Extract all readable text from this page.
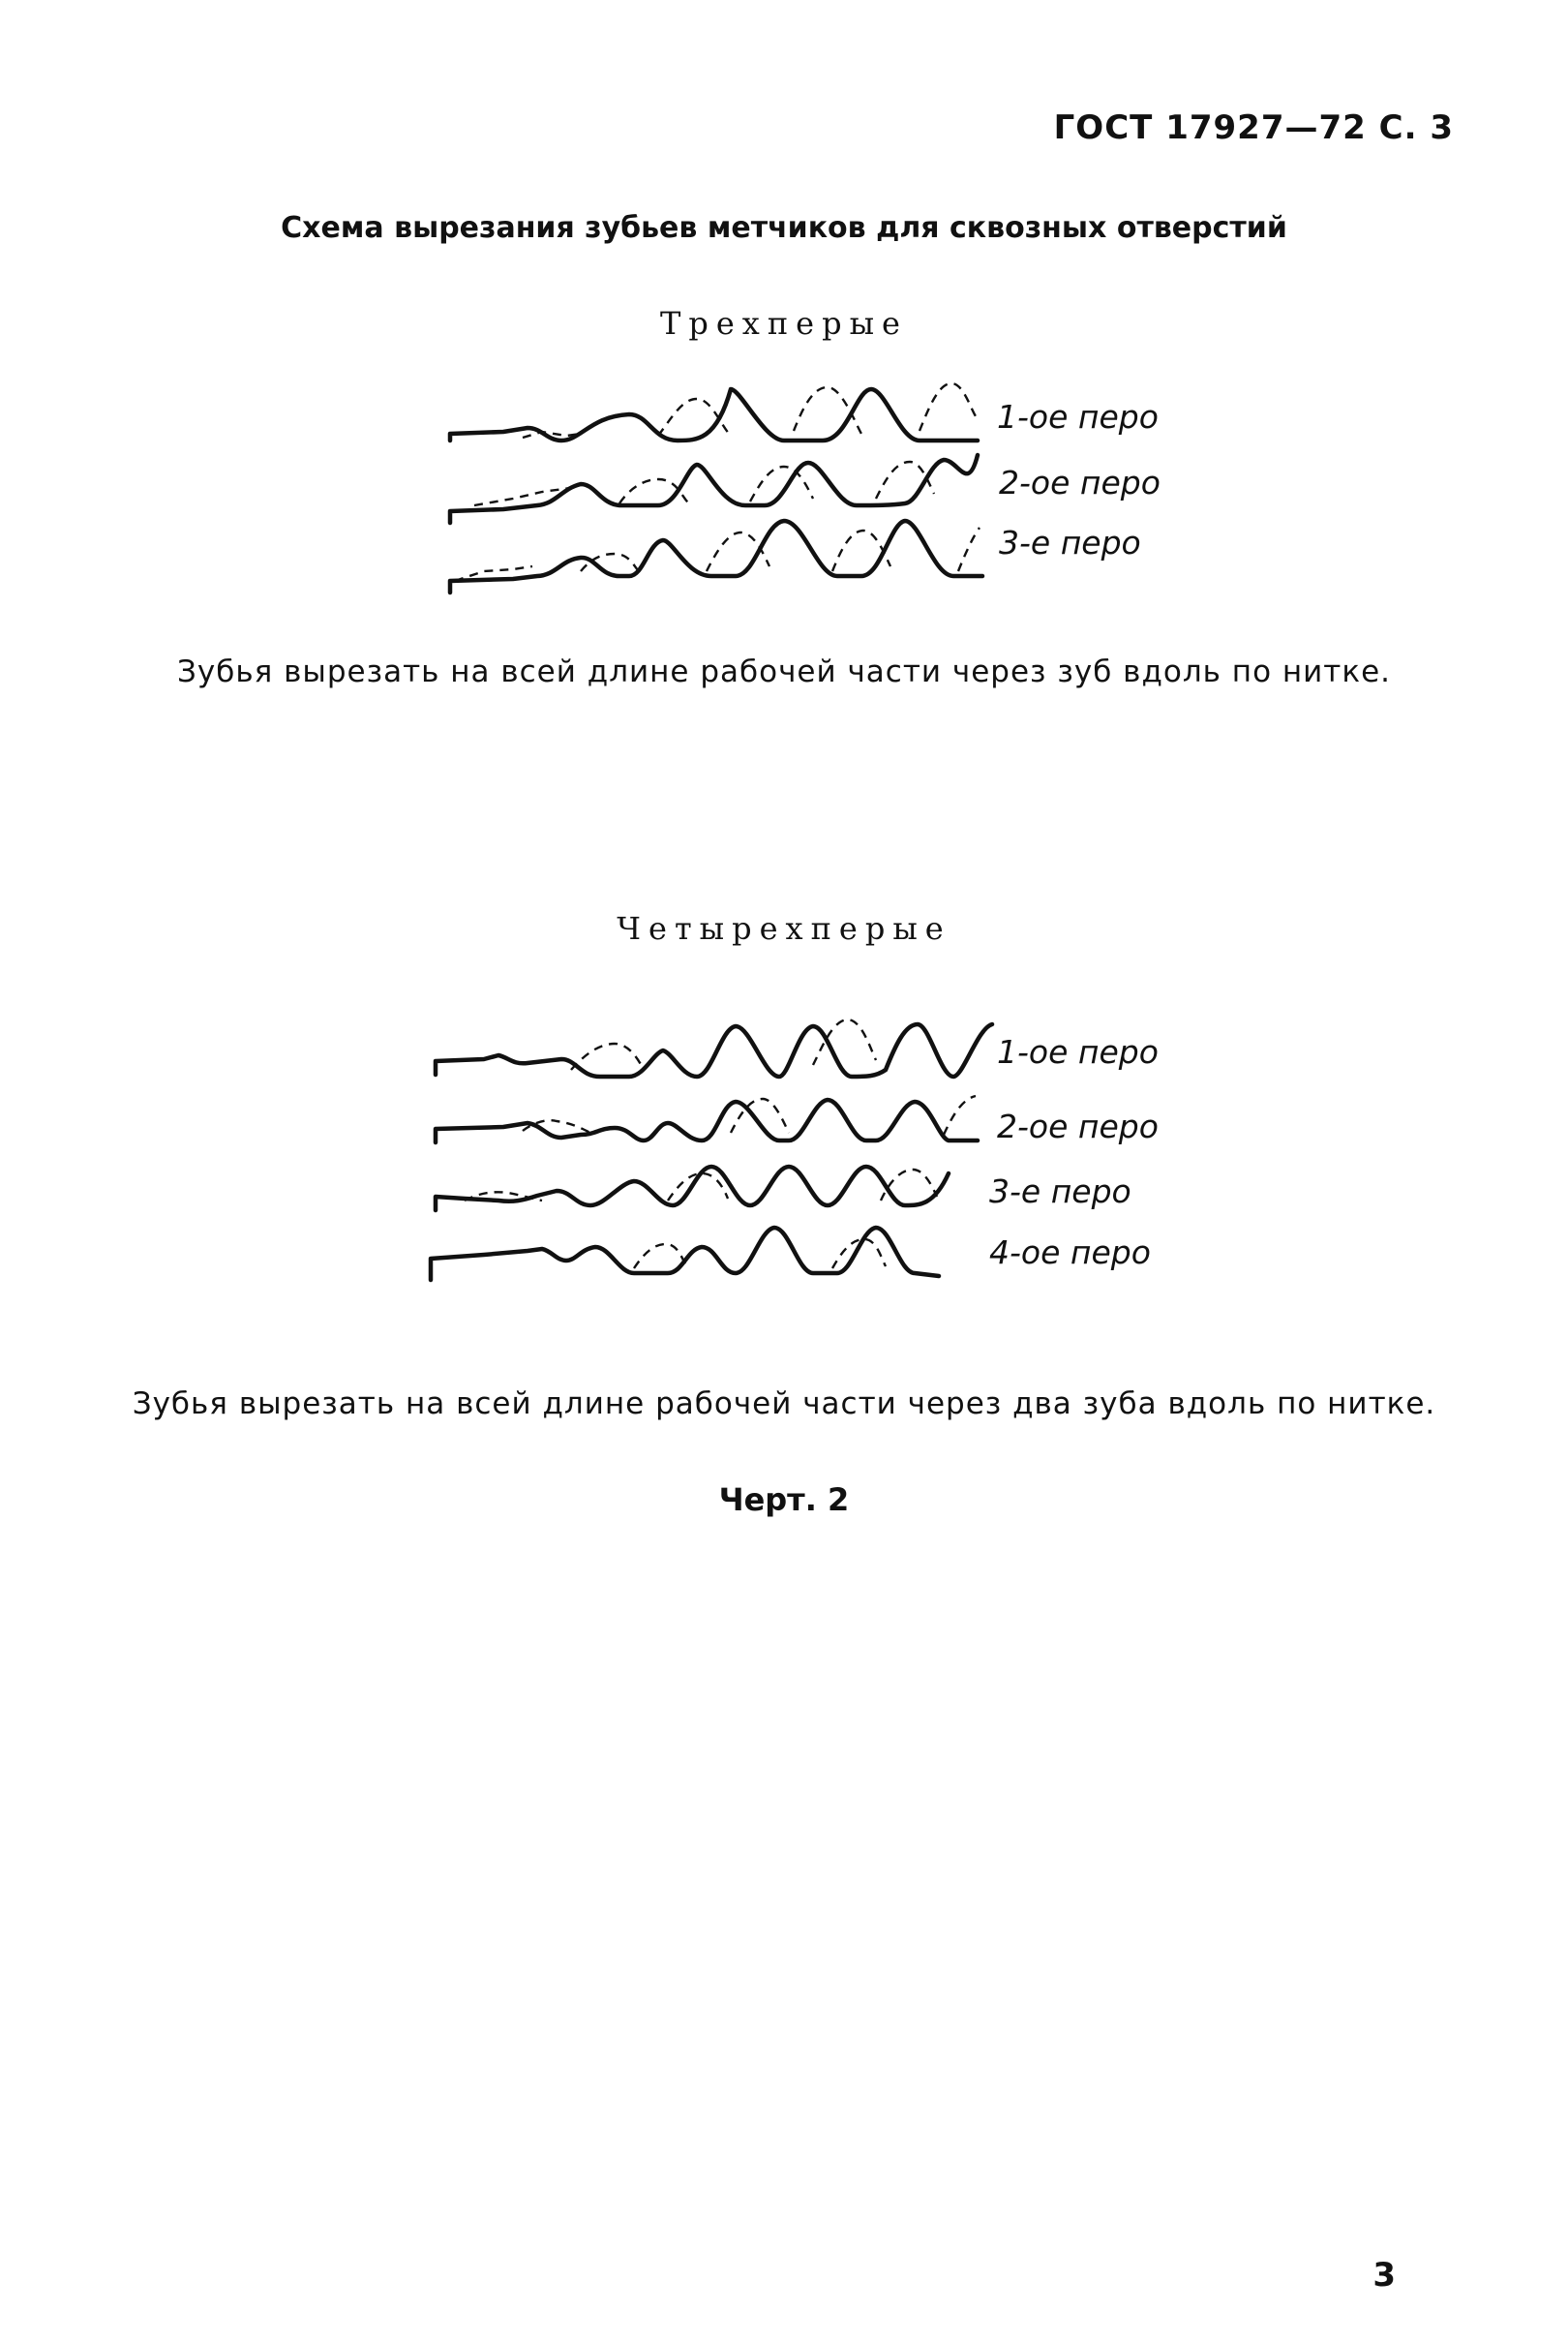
ГОСТ 17927—72 С. 3
Схема вырезания зубьев метчиков для сквозных отверстий
Трехперые
1-ое перо
2-ое перо
3-е перо
1-ое перо
2-ое перо
3-е перо
4-ое перо
Зубья вырезать на всей длине рабочей части через зуб вдоль по нитке.
Четырехперые
Зубья вырезать на всей длине рабочей части через два зуба вдоль по нитке.
Черт. 2
3
